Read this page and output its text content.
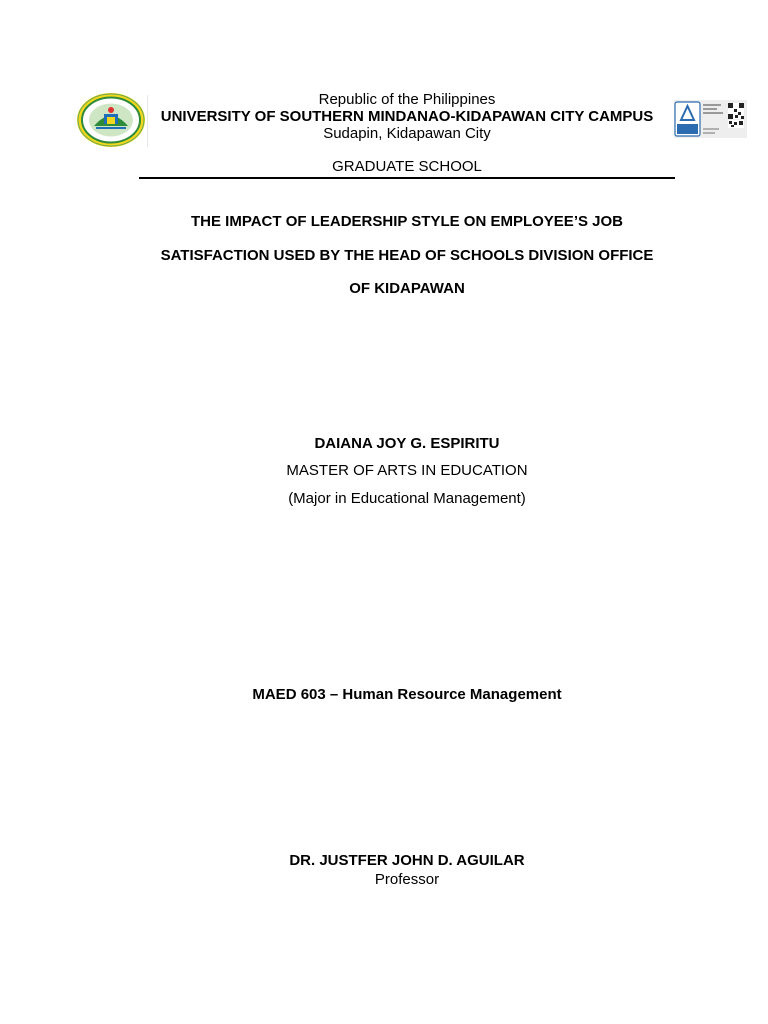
Republic of the Philippines
UNIVERSITY OF SOUTHERN MINDANAO-KIDAPAWAN CITY CAMPUS
Sudapin, Kidapawan City
GRADUATE SCHOOL
THE IMPACT OF LEADERSHIP STYLE ON EMPLOYEE’S JOB
SATISFACTION USED BY THE HEAD OF SCHOOLS DIVISION OFFICE
OF KIDAPAWAN
DAIANA JOY G. ESPIRITU
MASTER OF ARTS IN EDUCATION
(Major in Educational Management)
MAED 603 – Human Resource Management
DR. JUSTFER JOHN D. AGUILAR
Professor
